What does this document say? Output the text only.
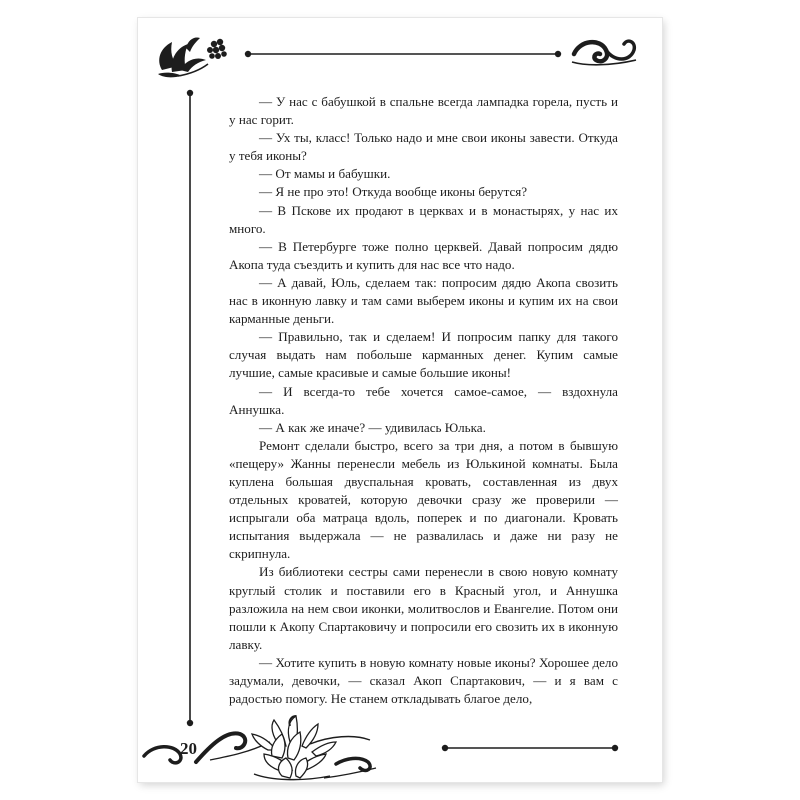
— У нас с бабушкой в спальне всегда лампадка горела, пусть и у нас горит.

— Ух ты, класс! Только надо и мне свои иконы завести. Откуда у тебя иконы?

— От мамы и бабушки.

— Я не про это! Откуда вообще иконы берутся?

— В Пскове их продают в церквах и в монастырях, у нас их много.

— В Петербурге тоже полно церквей. Давай попросим дядю Акопа туда съездить и купить для нас все что надо.

— А давай, Юль, сделаем так: попросим дядю Акопа свозить нас в иконную лавку и там сами выберем иконы и купим их на свои карманные деньги.

— Правильно, так и сделаем! И попросим папку для такого случая выдать нам побольше карманных денег. Купим самые лучшие, самые красивые и самые большие иконы!

— И всегда-то тебе хочется самое-самое, — вздохнула Аннушка.

— А как же иначе? — удивилась Юлька.

Ремонт сделали быстро, всего за три дня, а потом в бывшую «пещеру» Жанны перенесли мебель из Юлькиной комнаты. Была куплена большая двуспальная кровать, составленная из двух отдельных кроватей, которую девочки сразу же проверили — испрыгали оба матраца вдоль, поперек и по диагонали. Кровать испытания выдержала — не развалилась и даже ни разу не скрипнула.

Из библиотеки сестры сами перенесли в свою новую комнату круглый столик и поставили его в Красный угол, и Аннушка разложила на нем свои иконки, молитвослов и Евангелие. Потом они пошли к Акопу Спартаковичу и попросили его свозить их в иконную лавку.

— Хотите купить в новую комнату новые иконы? Хорошее дело задумали, девочки, — сказал Акоп Спартакович, — и я вам с радостью помогу. Не станем откладывать благое дело,

20
